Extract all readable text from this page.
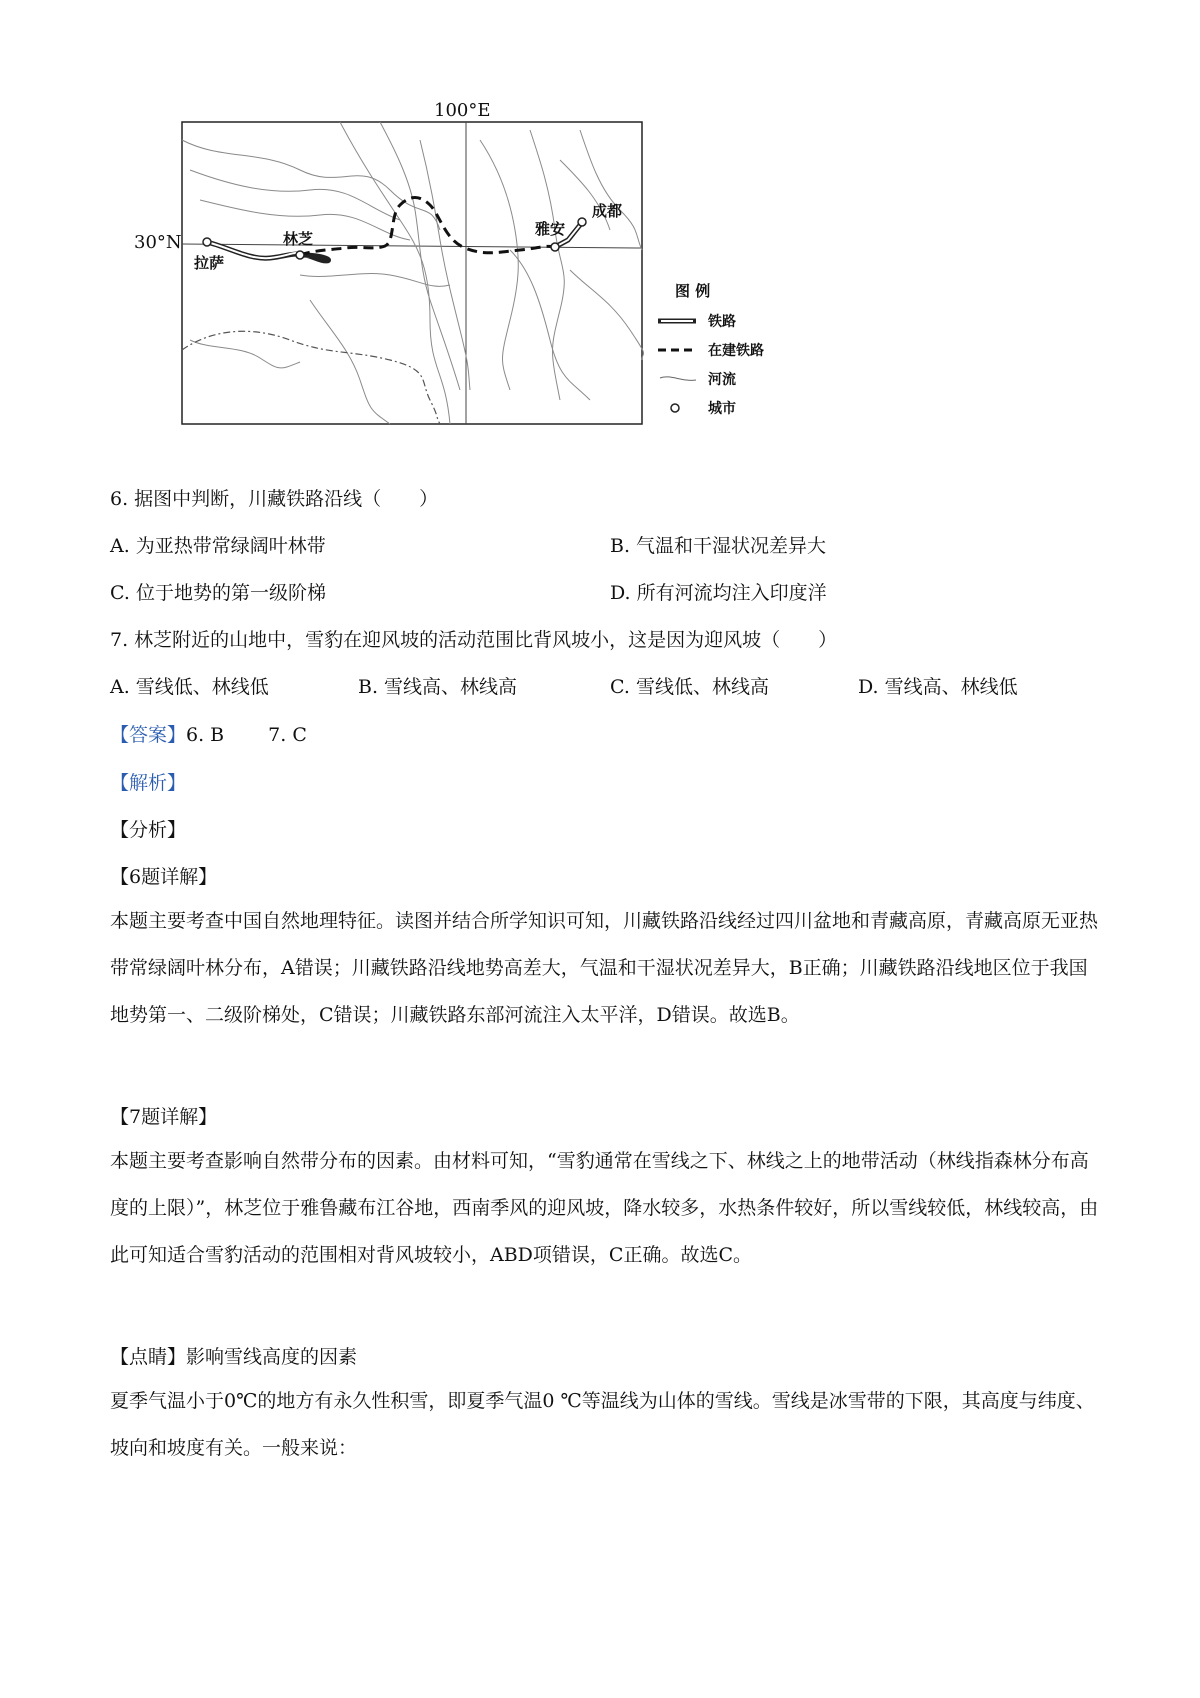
100°E
30°N
拉萨
林芝
雅安
成都
图 例
铁路
在建铁路
河流
城市
6. 据图中判断，川藏铁路沿线（　　）
A. 为亚热带常绿阔叶林带	B. 气温和干湿状况差异大
C. 位于地势的第一级阶梯	D. 所有河流均注入印度洋
7. 林芝附近的山地中，雪豹在迎风坡的活动范围比背风坡小，这是因为迎风坡（　　）
A. 雪线低、林线低	B. 雪线高、林线高	C. 雪线低、林线高	D. 雪线高、林线低
【答案】6. B 7. C
【解析】
【分析】
【6题详解】

本题主要考查中国自然地理特征。读图并结合所学知识可知，川藏铁路沿线经过四川盆地和青藏高原，青藏高原无亚热带常绿阔叶林分布，A错误；川藏铁路沿线地势高差大，气温和干湿状况差异大，B正确；川藏铁路沿线地区位于我国地势第一、二级阶梯处，C错误；川藏铁路东部河流注入太平洋，D错误。故选B。

【7题详解】

本题主要考查影响自然带分布的因素。由材料可知，“雪豹通常在雪线之下、林线之上的地带活动（林线指森林分布高度的上限）”，林芝位于雅鲁藏布江谷地，西南季风的迎风坡，降水较多，水热条件较好，所以雪线较低，林线较高，由此可知适合雪豹活动的范围相对背风坡较小，ABD项错误，C正确。故选C。

【点睛】影响雪线高度的因素

夏季气温小于0℃的地方有永久性积雪，即夏季气温0 ℃等温线为山体的雪线。雪线是冰雪带的下限，其高度与纬度、坡向和坡度有关。一般来说：
